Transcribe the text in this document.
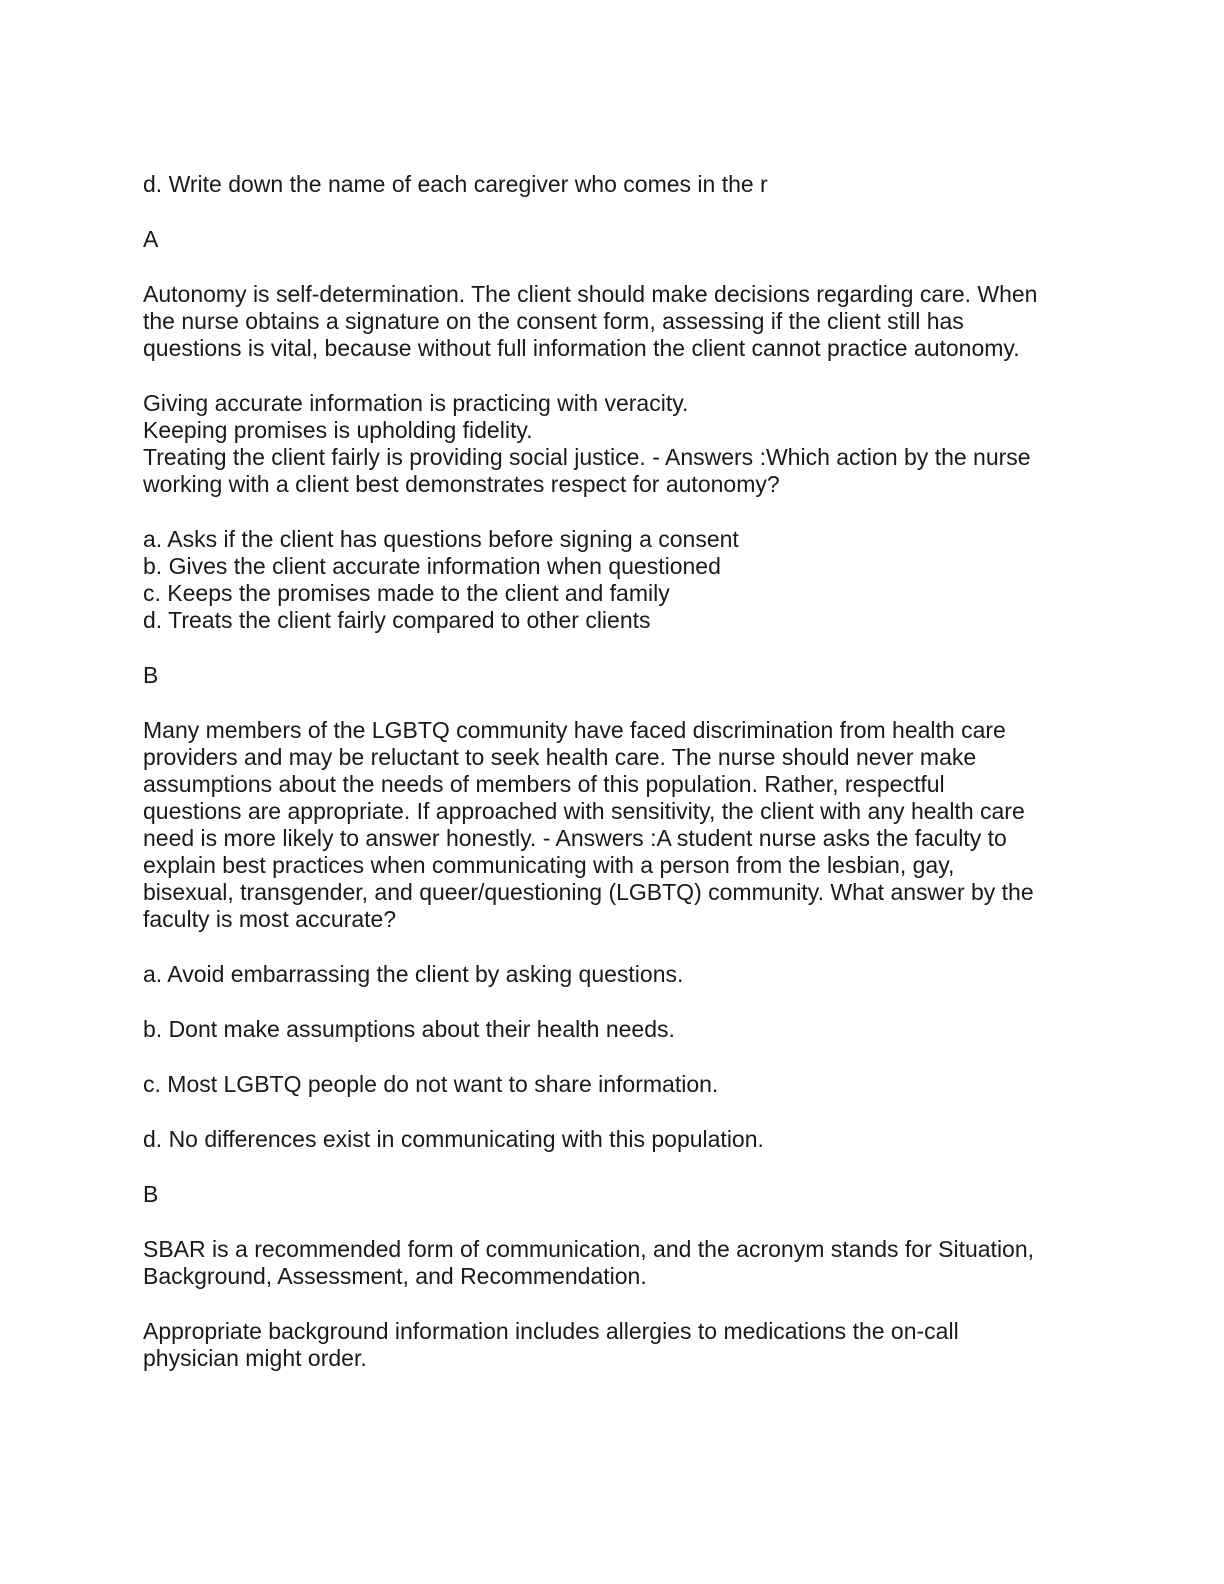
d. Write down the name of each caregiver who comes in the r

A

Autonomy is self-determination. The client should make decisions regarding care. When

the nurse obtains a signature on the consent form, assessing if the client still has

questions is vital, because without full information the client cannot practice autonomy.

Giving accurate information is practicing with veracity.

Keeping promises is upholding fidelity.

Treating the client fairly is providing social justice. - Answers :Which action by the nurse

working with a client best demonstrates respect for autonomy?

a. Asks if the client has questions before signing a consent

b. Gives the client accurate information when questioned

c. Keeps the promises made to the client and family

d. Treats the client fairly compared to other clients

B

Many members of the LGBTQ community have faced discrimination from health care

providers and may be reluctant to seek health care. The nurse should never make

assumptions about the needs of members of this population. Rather, respectful

questions are appropriate. If approached with sensitivity, the client with any health care

need is more likely to answer honestly. - Answers :A student nurse asks the faculty to

explain best practices when communicating with a person from the lesbian, gay,

bisexual, transgender, and queer/questioning (LGBTQ) community. What answer by the

faculty is most accurate?

a. Avoid embarrassing the client by asking questions.

b. Dont make assumptions about their health needs.

c. Most LGBTQ people do not want to share information.

d. No differences exist in communicating with this population.

B

SBAR is a recommended form of communication, and the acronym stands for Situation,

Background, Assessment, and Recommendation.

Appropriate background information includes allergies to medications the on-call

physician might order.
